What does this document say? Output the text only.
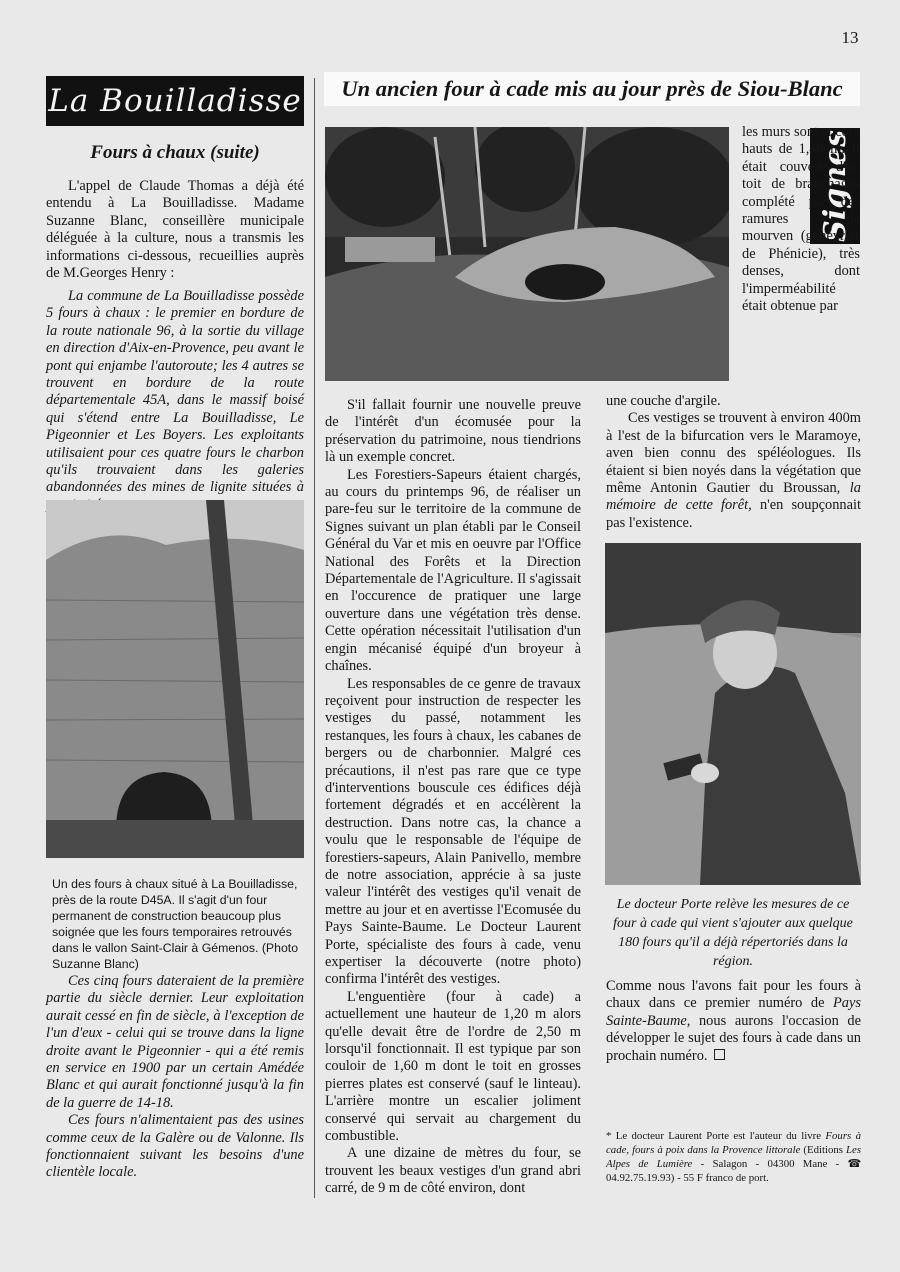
13
La Bouilladisse
Fours à chaux (suite)

L'appel de Claude Thomas a déjà été entendu à La Bouilladisse. Madame Suzanne Blanc, conseillère municipale déléguée à la culture, nous a transmis les informations ci-dessous, recueillies auprès de M.Georges Henry :

La commune de La Bouilladisse possède 5 fours à chaux : le premier en bordure de la route nationale 96, à la sortie du village en direction d'Aix-en-Provence, peu avant le pont qui enjambe l'autoroute; les 4 autres se trouvent en bordure de la route départementale 45A, dans le massif boisé qui s'étend entre La Bouilladisse, Le Pigeonnier et Les Boyers. Les exploitants utilisaient pour ces quatre fours le charbon qu'ils trouvaient dans les galeries abandonnées des mines de lignite situées à

Un des fours à chaux situé à La Bouilladisse, près de la route D45A. Il s'agit d'un four permanent de construction beaucoup plus soignée que les fours temporaires retrouvés dans le vallon Saint-Clair à Gémenos. (Photo Suzanne Blanc)

Ces cinq fours dateraient de la première partie du siècle dernier. Leur exploitation aurait cessé en fin de siècle, à l'exception de l'un d'eux - celui qui se trouve dans la ligne droite avant le Pigeonnier - qui a été remis en service en 1900 par un certain Amédée Blanc et qui aurait fonctionné jusqu'à la fin de la guerre de 14-18.

Ces fours n'alimentaient pas des usines comme ceux de la Galère ou de Valonne. Ils fonctionnaient suivant les besoins d'une clientèle locale.

Un ancien four à cade mis au jour près de Siou-Blanc

S'il fallait fournir une nouvelle preuve de l'intérêt d'un écomusée pour la préservation du patrimoine, nous tiendrions là un exemple concret.

Les Forestiers-Sapeurs étaient chargés, au cours du printemps 96, de réaliser un pare-feu sur le territoire de la commune de Signes suivant un plan établi par le Conseil Général du Var et mis en oeuvre par l'Office National des Forêts et la Direction Départementale de l'Agriculture. Il s'agissait en l'occurence de pratiquer une large ouverture dans une végétation très dense. Cette opération nécessitait l'utilisation d'un engin mécanisé équipé d'un broyeur à chaînes.

Les responsables de ce genre de travaux reçoivent pour instruction de respecter les vestiges du passé, notamment les restanques, les fours à chaux, les cabanes de bergers ou de charbonnier. Malgré ces précautions, il n'est pas rare que ce type d'interventions bouscule ces édifices déjà fortement dégradés et en accélèrent la destruction. Dans notre cas, la chance a voulu que le responsable de l'équipe de forestiers-sapeurs, Alain Panivello, membre de notre association, apprécie à sa juste valeur l'intérêt des vestiges qu'il venait de mettre au jour et en avertisse l'Ecomusée du Pays Sainte-Baume. Le Docteur Laurent Porte, spécialiste des fours à cade, venu expertiser la découverte (notre photo) confirma l'intérêt des vestiges.

L'enguentière (four à cade) a actuellement une hauteur de 1,20 m alors qu'elle devait être de l'ordre de 2,50 m lorsqu'il fonctionnait. Il est typique par son couloir de 1,60 m dont le toit en grosses pierres plates est conservé (sauf le linteau). L'arrière montre un escalier joliment conservé qui servait au chargement du combustible.

A une dizaine de mètres du four, se trouvent les beaux vestiges d'un grand abri carré, de 9 m de côté environ, dont

Signes

les murs sont encore hauts de 1,40 m. Il était couvert d'un toit de branchages complété par des ramures de mourven (genévrier de Phénicie), très denses, dont l'imperméabilité était obtenue par

une couche d'argile.

Ces vestiges se trouvent à environ 400m à l'est de la bifurcation vers le Maramoye, aven bien connu des spéléologues. Ils étaient si bien noyés dans la végétation que même Antonin Gautier du Broussan, la mémoire de cette forêt, n'en soupçonnait pas l'existence.

Le docteur Porte relève les mesures de ce four à cade qui vient s'ajouter aux quelque 180 fours qu'il a déjà répertoriés dans la région.

Comme nous l'avons fait pour les fours à chaux dans ce premier numéro de Pays Sainte-Baume, nous aurons l'occasion de développer le sujet des fours à cade dans un prochain numéro.

* Le docteur Laurent Porte est l'auteur du livre Fours à cade, fours à poix dans la Provence littorale (Editions Les Alpes de Lumière - Salagon - 04300 Mane - ☎ 04.92.75.19.93) - 55 F franco de port.
